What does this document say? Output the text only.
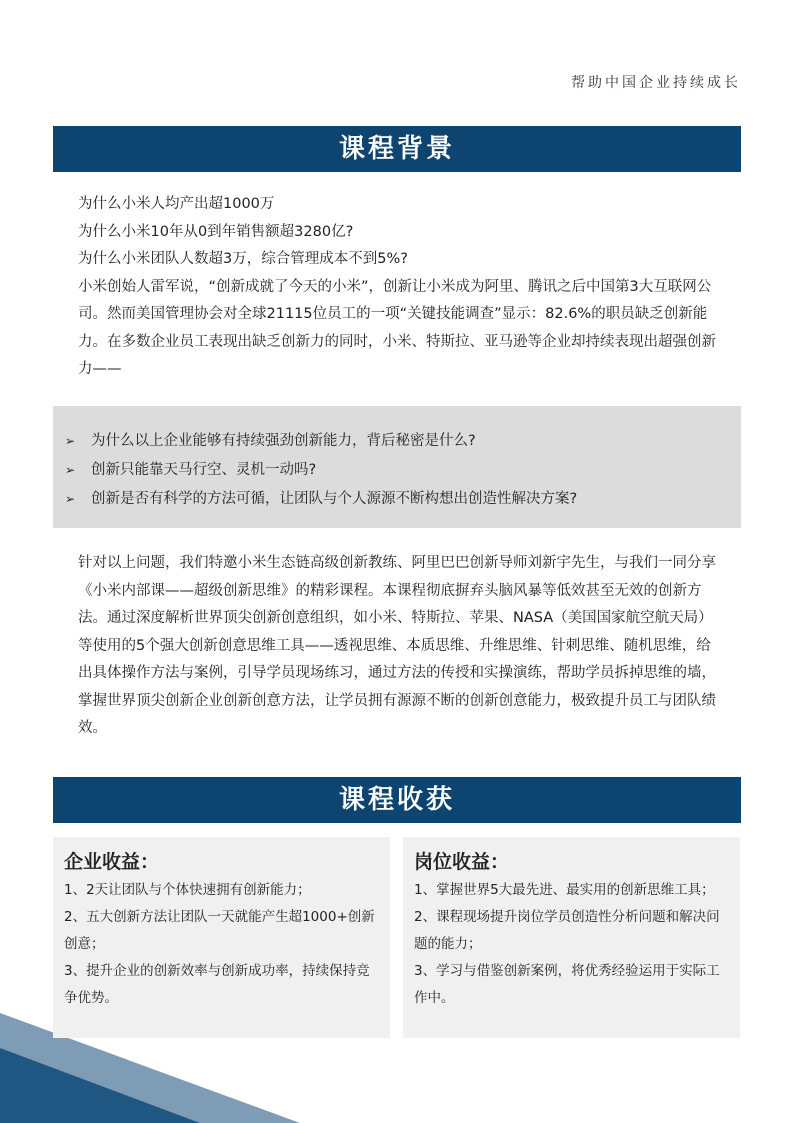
帮助中国企业持续成长
课程背景

为什么小米人均产出超1000万

为什么小米10年从0到年销售额超3280亿?

为什么小米团队人数超3万，综合管理成本不到5%?

小米创始人雷军说，“创新成就了今天的小米”，创新让小米成为阿里、腾讯之后中国第3大互联网公司。然而美国管理协会对全球21115位员工的一项“关键技能调查”显示：82.6%的职员缺乏创新能力。在多数企业员工表现出缺乏创新力的同时，小米、特斯拉、亚马逊等企业却持续表现出超强创新力——

➢ 为什么以上企业能够有持续强劲创新能力，背后秘密是什么?
➢ 创新只能靠天马行空、灵机一动吗?
➢ 创新是否有科学的方法可循，让团队与个人源源不断构想出创造性解决方案?
针对以上问题，我们特邀小米生态链高级创新教练、阿里巴巴创新导师刘新宇先生，与我们一同分享《小米内部课——超级创新思维》的精彩课程。本课程彻底摒弃头脑风暴等低效甚至无效的创新方法。通过深度解析世界顶尖创新创意组织，如小米、特斯拉、苹果、NASA（美国国家航空航天局）等使用的5个强大创新创意思维工具——透视思维、本质思维、升维思维、针刺思维、随机思维，给出具体操作方法与案例，引导学员现场练习，通过方法的传授和实操演练，帮助学员拆掉思维的墙，掌握世界顶尖创新企业创新创意方法，让学员拥有源源不断的创新创意能力，极致提升员工与团队绩效。
课程收获
企业收益：

1、2天让团队与个体快速拥有创新能力；

2、五大创新方法让团队一天就能产生超1000+创新创意；

3、提升企业的创新效率与创新成功率，持续保持竞争优势。

岗位收益：

1、掌握世界5大最先进、最实用的创新思维工具；

2、课程现场提升岗位学员创造性分析问题和解决问题的能力；

3、学习与借鉴创新案例，将优秀经验运用于实际工作中。
